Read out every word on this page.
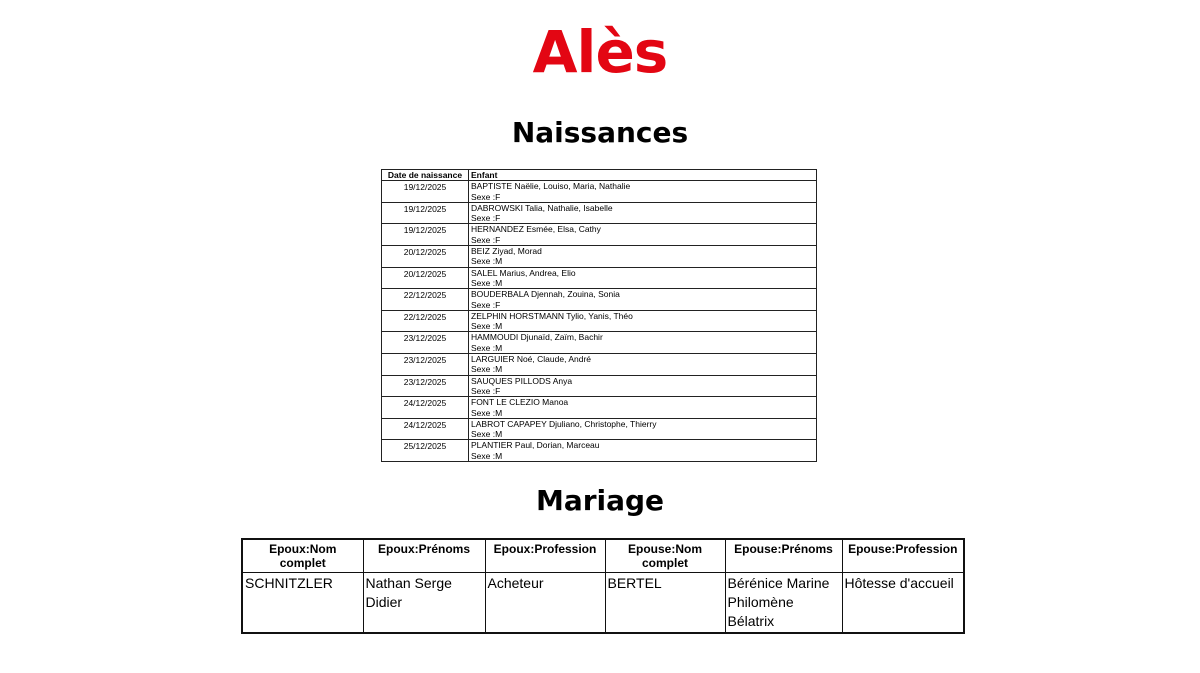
Alès
Naissances
Date de naissance	Enfant
19/12/2025	BAPTISTE Naëlie, Louiso, Maria, Nathalie
Sexe :F

19/12/2025	DABROWSKI Talia, Nathalie, Isabelle
Sexe :F

19/12/2025	HERNANDEZ Esmée, Elsa, Cathy
Sexe :F

20/12/2025	BEIZ Ziyad, Morad
Sexe :M

20/12/2025	SALEL Marius, Andrea, Elio
Sexe :M

22/12/2025	BOUDERBALA Djennah, Zouina, Sonia
Sexe :F

22/12/2025	ZELPHIN HORSTMANN Tylio, Yanis, Théo
Sexe :M

23/12/2025	HAMMOUDI Djunaïd, Zaïm, Bachir
Sexe :M

23/12/2025	LARGUIER Noé, Claude, André
Sexe :M

23/12/2025	SAUQUES PILLODS Anya
Sexe :F

24/12/2025	FONT LE CLEZIO Manoa
Sexe :M

24/12/2025	LABROT CAPAPEY Djuliano, Christophe, Thierry
Sexe :M

25/12/2025	PLANTIER Paul, Dorian, Marceau
Sexe :M
Mariage
Epoux:Nom complet	Epoux:Prénoms	Epoux:Profession	Epouse:Nom complet	Epouse:Prénoms	Epouse:Profession
SCHNITZLER	Nathan Serge Didier	Acheteur	BERTEL	Bérénice Marine Philomène Bélatrix	Hôtesse d'accueil
